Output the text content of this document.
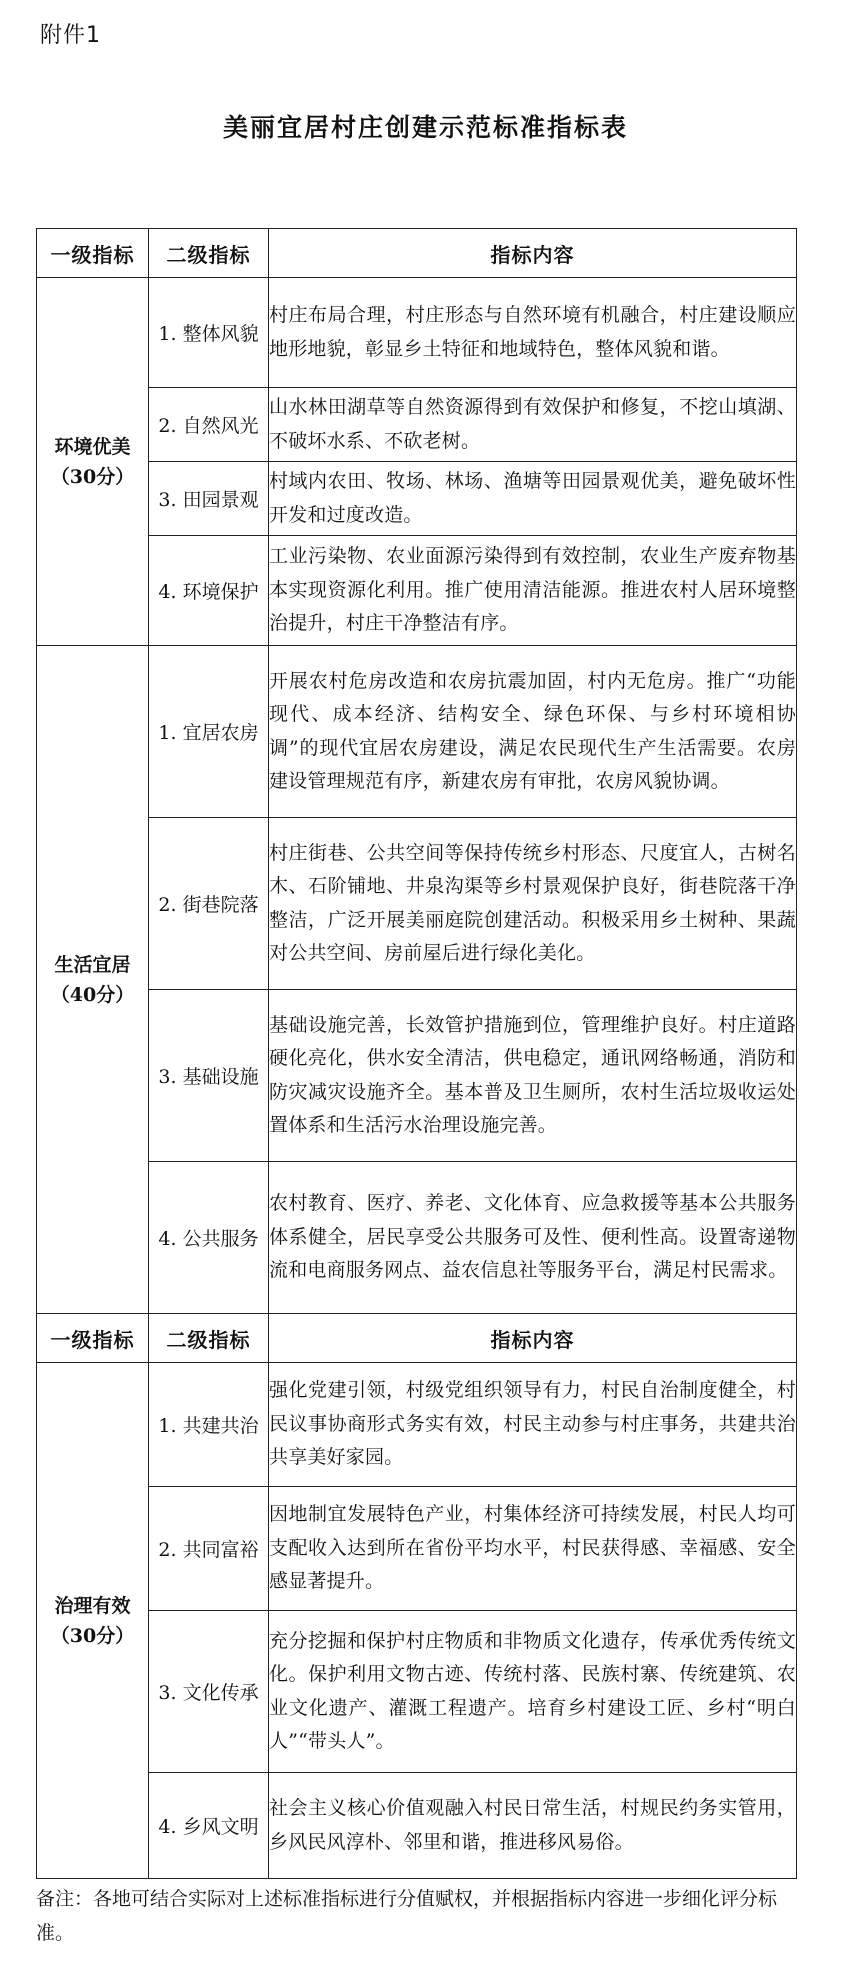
附件1
美丽宜居村庄创建示范标准指标表
一级指标	二级指标	指标内容
环境优美
（30分）	1. 整体风貌	村庄布局合理，村庄形态与自然环境有机融合，村庄建设顺应地形地貌，彰显乡土特征和地域特色，整体风貌和谐。
	2. 自然风光	山水林田湖草等自然资源得到有效保护和修复，不挖山填湖、不破坏水系、不砍老树。
	3. 田园景观	村域内农田、牧场、林场、渔塘等田园景观优美，避免破坏性开发和过度改造。
	4. 环境保护	工业污染物、农业面源污染得到有效控制，农业生产废弃物基本实现资源化利用。推广使用清洁能源。推进农村人居环境整治提升，村庄干净整洁有序。
生活宜居
（40分）	1. 宜居农房	开展农村危房改造和农房抗震加固，村内无危房。推广“功能现代、成本经济、结构安全、绿色环保、与乡村环境相协调”的现代宜居农房建设，满足农民现代生产生活需要。农房建设管理规范有序，新建农房有审批，农房风貌协调。
	2. 街巷院落	村庄街巷、公共空间等保持传统乡村形态、尺度宜人，古树名木、石阶铺地、井泉沟渠等乡村景观保护良好，街巷院落干净整洁，广泛开展美丽庭院创建活动。积极采用乡土树种、果蔬对公共空间、房前屋后进行绿化美化。
	3. 基础设施	基础设施完善，长效管护措施到位，管理维护良好。村庄道路硬化亮化，供水安全清洁，供电稳定，通讯网络畅通，消防和防灾减灾设施齐全。基本普及卫生厕所，农村生活垃圾收运处置体系和生活污水治理设施完善。
	4. 公共服务	农村教育、医疗、养老、文化体育、应急救援等基本公共服务体系健全，居民享受公共服务可及性、便利性高。设置寄递物流和电商服务网点、益农信息社等服务平台，满足村民需求。
一级指标	二级指标	指标内容
治理有效
（30分）	1. 共建共治	强化党建引领，村级党组织领导有力，村民自治制度健全，村民议事协商形式务实有效，村民主动参与村庄事务，共建共治共享美好家园。
	2. 共同富裕	因地制宜发展特色产业，村集体经济可持续发展，村民人均可支配收入达到所在省份平均水平，村民获得感、幸福感、安全感显著提升。
	3. 文化传承	充分挖掘和保护村庄物质和非物质文化遗存，传承优秀传统文化。保护利用文物古迹、传统村落、民族村寨、传统建筑、农业文化遗产、灌溉工程遗产。培育乡村建设工匠、乡村“明白人”“带头人”。
	4. 乡风文明	社会主义核心价值观融入村民日常生活，村规民约务实管用，乡风民风淳朴、邻里和谐，推进移风易俗。
备注：各地可结合实际对上述标准指标进行分值赋权，并根据指标内容进一步细化评分标准。
